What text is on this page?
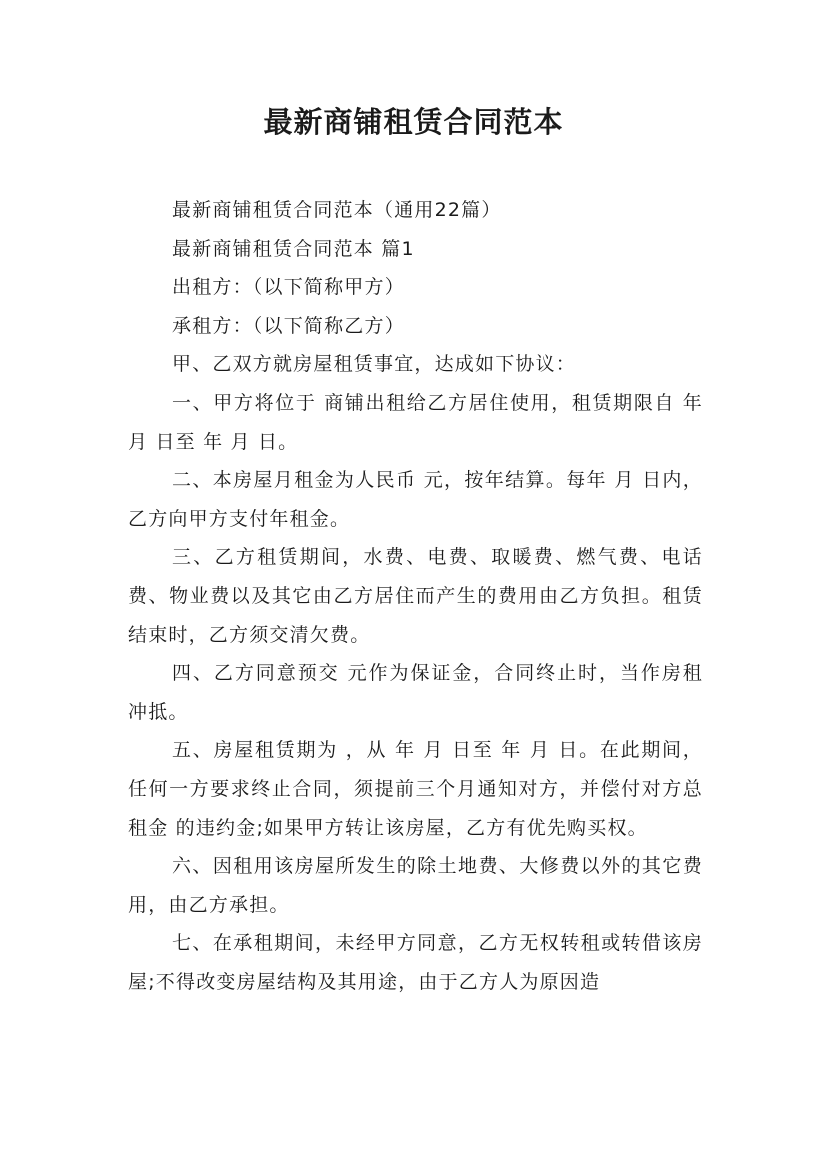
最新商铺租赁合同范本

最新商铺租赁合同范本（通用22篇）

最新商铺租赁合同范本 篇1

出租方：（以下简称甲方）

承租方：（以下简称乙方）

甲、乙双方就房屋租赁事宜，达成如下协议：

一、甲方将位于 商铺出租给乙方居住使用，租赁期限自 年 月 日至 年 月 日。

二、本房屋月租金为人民币 元，按年结算。每年 月 日内，乙方向甲方支付年租金。

三、乙方租赁期间，水费、电费、取暖费、燃气费、电话费、物业费以及其它由乙方居住而产生的费用由乙方负担。租赁结束时，乙方须交清欠费。

四、乙方同意预交 元作为保证金，合同终止时，当作房租冲抵。

五、房屋租赁期为 ，从 年 月 日至 年 月 日。在此期间，任何一方要求终止合同，须提前三个月通知对方，并偿付对方总租金 的违约金;如果甲方转让该房屋，乙方有优先购买权。

六、因租用该房屋所发生的除土地费、大修费以外的其它费用，由乙方承担。

七、在承租期间，未经甲方同意，乙方无权转租或转借该房屋;不得改变房屋结构及其用途，由于乙方人为原因造
